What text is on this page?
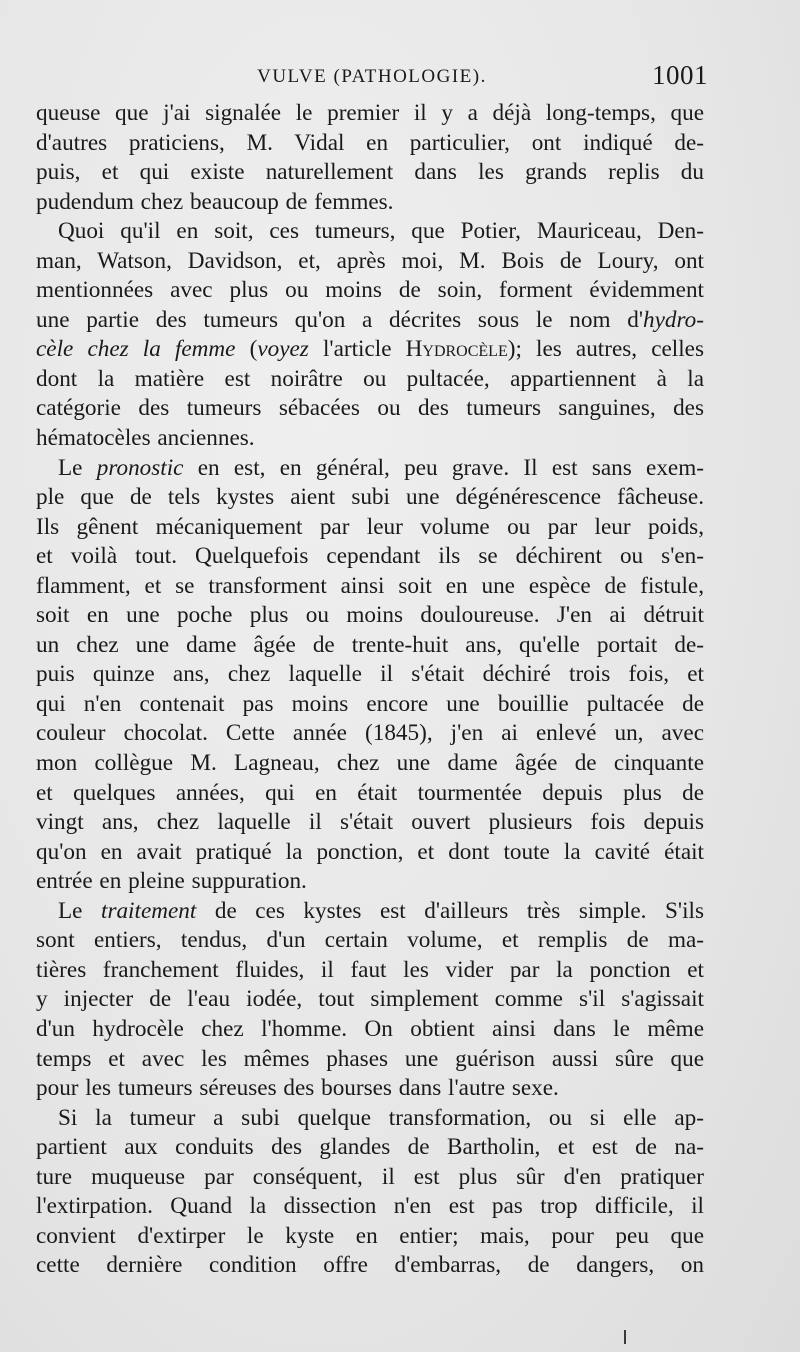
VULVE (PATHOLOGIE).	1001
queuse que j'ai signalée le premier il y a déjà long-temps, que
d'autres praticiens, M. Vidal en particulier, ont indiqué de-
puis, et qui existe naturellement dans les grands replis du
pudendum chez beaucoup de femmes.
Quoi qu'il en soit, ces tumeurs, que Potier, Mauriceau, Den-
man, Watson, Davidson, et, après moi, M. Bois de Loury, ont
mentionnées avec plus ou moins de soin, forment évidemment
une partie des tumeurs qu'on a décrites sous le nom d'hydro-
cèle chez la femme (voyez l'article Hydrocèle); les autres, celles
dont la matière est noirâtre ou pultacée, appartiennent à la
catégorie des tumeurs sébacées ou des tumeurs sanguines, des
hématocèles anciennes.
Le pronostic en est, en général, peu grave. Il est sans exem-
ple que de tels kystes aient subi une dégénérescence fâcheuse.
Ils gênent mécaniquement par leur volume ou par leur poids,
et voilà tout. Quelquefois cependant ils se déchirent ou s'en-
flamment, et se transforment ainsi soit en une espèce de fistule,
soit en une poche plus ou moins douloureuse. J'en ai détruit
un chez une dame âgée de trente-huit ans, qu'elle portait de-
puis quinze ans, chez laquelle il s'était déchiré trois fois, et
qui n'en contenait pas moins encore une bouillie pultacée de
couleur chocolat. Cette année (1845), j'en ai enlevé un, avec
mon collègue M. Lagneau, chez une dame âgée de cinquante
et quelques années, qui en était tourmentée depuis plus de
vingt ans, chez laquelle il s'était ouvert plusieurs fois depuis
qu'on en avait pratiqué la ponction, et dont toute la cavité était
entrée en pleine suppuration.
Le traitement de ces kystes est d'ailleurs très simple. S'ils
sont entiers, tendus, d'un certain volume, et remplis de ma-
tières franchement fluides, il faut les vider par la ponction et
y injecter de l'eau iodée, tout simplement comme s'il s'agissait
d'un hydrocèle chez l'homme. On obtient ainsi dans le même
temps et avec les mêmes phases une guérison aussi sûre que
pour les tumeurs séreuses des bourses dans l'autre sexe.
Si la tumeur a subi quelque transformation, ou si elle ap-
partient aux conduits des glandes de Bartholin, et est de na-
ture muqueuse par conséquent, il est plus sûr d'en pratiquer
l'extirpation. Quand la dissection n'en est pas trop difficile, il
convient d'extirper le kyste en entier; mais, pour peu que
cette dernière condition offre d'embarras, de dangers, on
